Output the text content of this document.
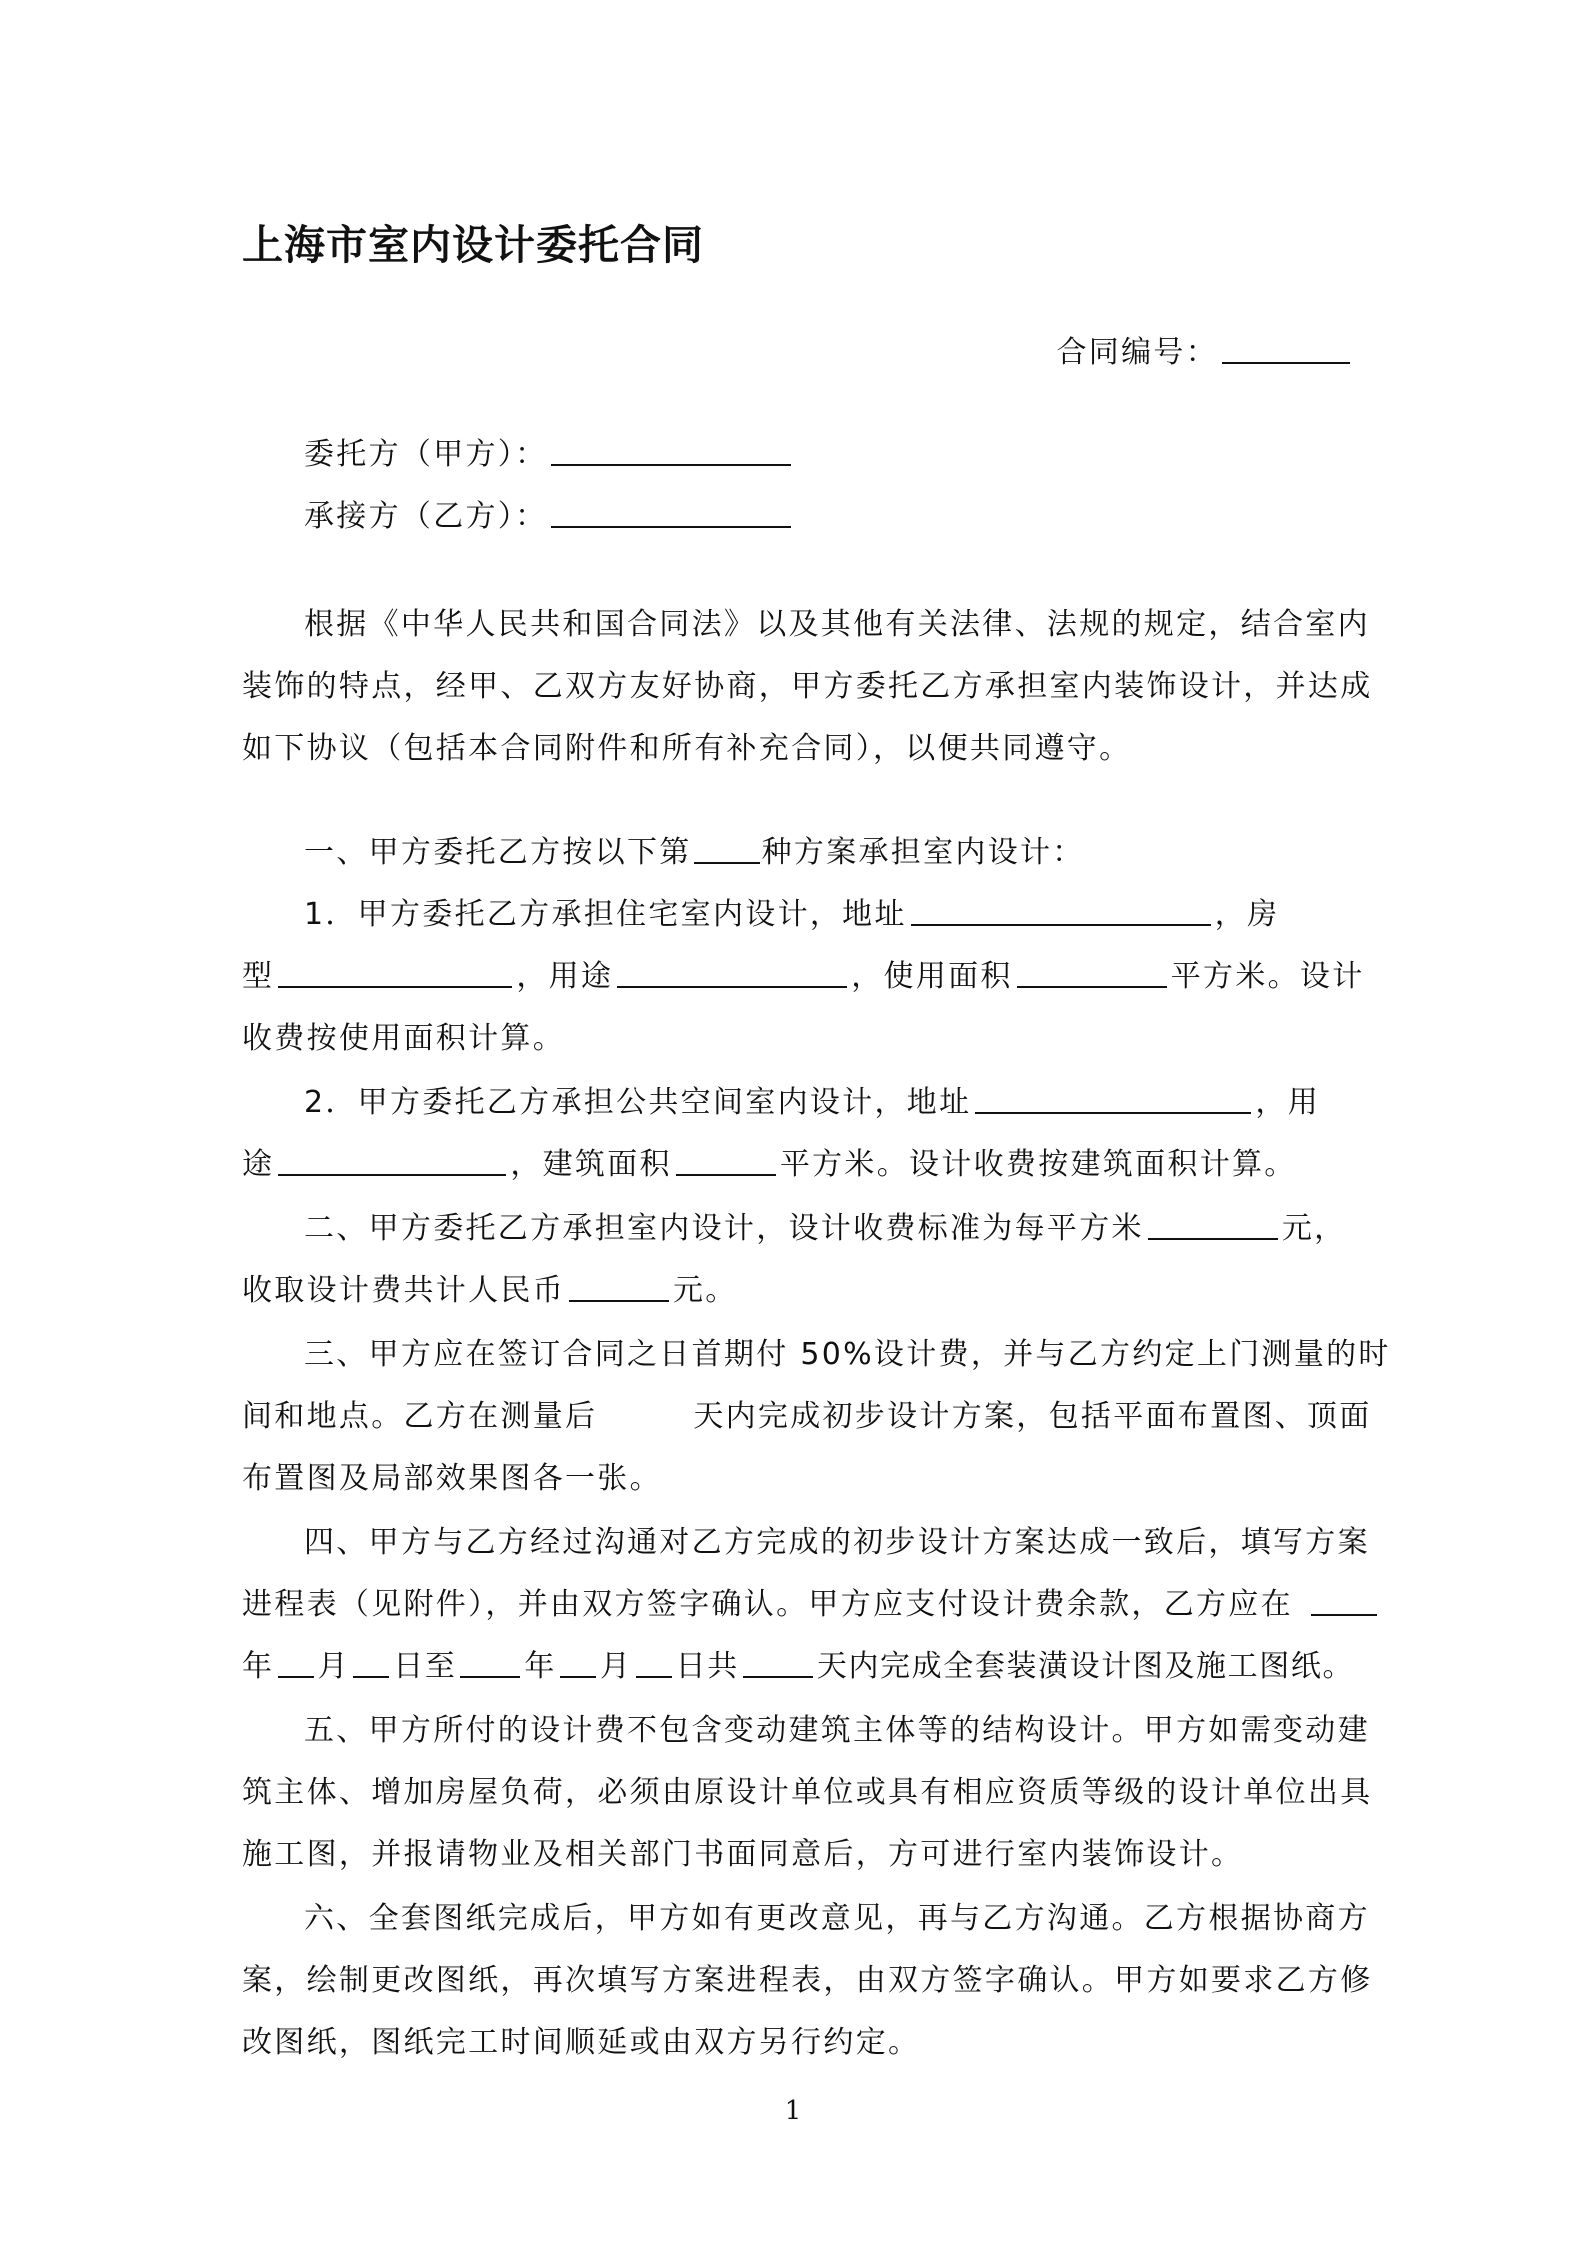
上海市室内设计委托合同
合同编号：
委托方（甲方）：
承接方（乙方）：
根据《中华人民共和国合同法》以及其他有关法律、法规的规定，结合室内
装饰的特点，经甲、乙双方友好协商，甲方委托乙方承担室内装饰设计，并达成
如下协议（包括本合同附件和所有补充合同），以便共同遵守。
一、甲方委托乙方按以下第 种方案承担室内设计：
1．甲方委托乙方承担住宅室内设计，地址	，房
型	，用途	，使用面积	平方米。设计
收费按使用面积计算。
2．甲方委托乙方承担公共空间室内设计，地址	，用
途	，建筑面积	平方米。设计收费按建筑面积计算。
二、甲方委托乙方承担室内设计，设计收费标准为每平方米	元，
收取设计费共计人民币	元。
三、甲方应在签订合同之日首期付 50%设计费，并与乙方约定上门测量的时
间和地点。乙方在测量后	天内完成初步设计方案，包括平面布置图、顶面
布置图及局部效果图各一张。
四、甲方与乙方经过沟通对乙方完成的初步设计方案达成一致后，填写方案
进程表（见附件），并由双方签字确认。甲方应支付设计费余款，乙方应在
年 月 日至 年 月 日共	天内完成全套装潢设计图及施工图纸。
五、甲方所付的设计费不包含变动建筑主体等的结构设计。甲方如需变动建
筑主体、增加房屋负荷，必须由原设计单位或具有相应资质等级的设计单位出具
施工图，并报请物业及相关部门书面同意后，方可进行室内装饰设计。
六、全套图纸完成后，甲方如有更改意见，再与乙方沟通。乙方根据协商方
案，绘制更改图纸，再次填写方案进程表，由双方签字确认。甲方如要求乙方修
改图纸，图纸完工时间顺延或由双方另行约定。
1
